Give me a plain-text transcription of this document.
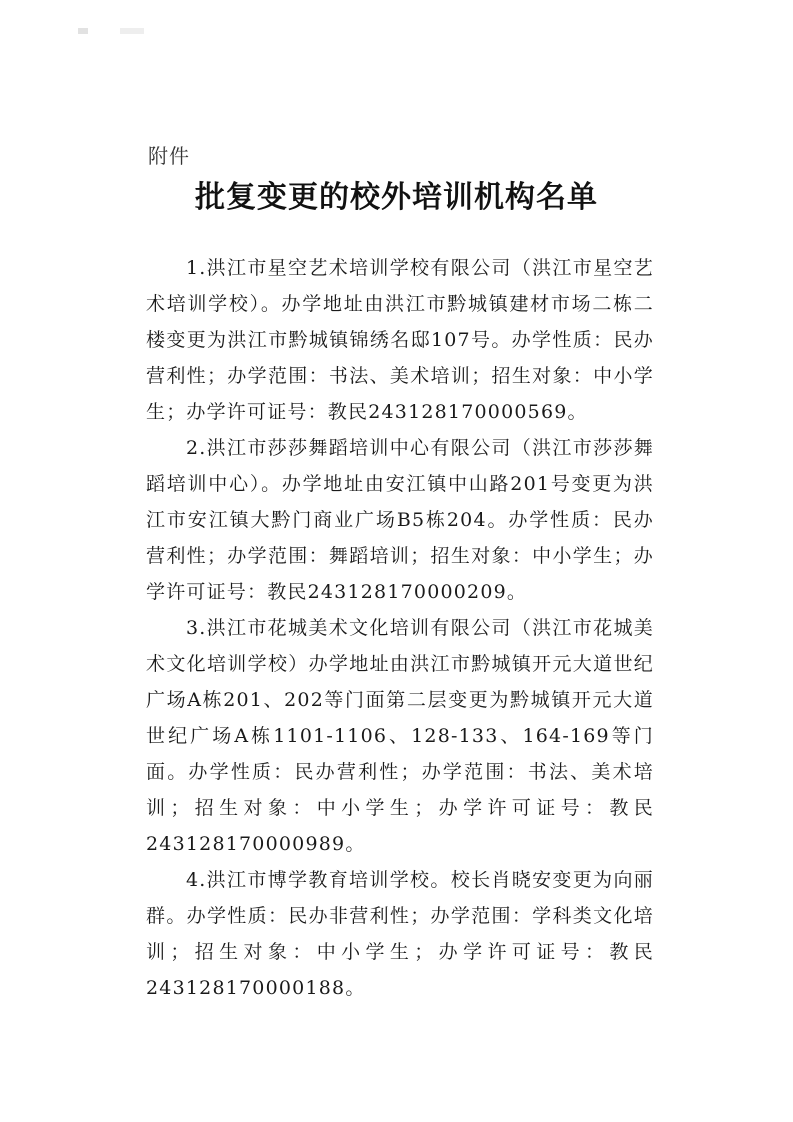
附件
批复变更的校外培训机构名单

1.洪江市星空艺术培训学校有限公司（洪江市星空艺术培训学校）。办学地址由洪江市黔城镇建材市场二栋二楼变更为洪江市黔城镇锦绣名邸107号。办学性质：民办营利性；办学范围：书法、美术培训；招生对象：中小学生；办学许可证号：教民243128170000569。

2.洪江市莎莎舞蹈培训中心有限公司（洪江市莎莎舞蹈培训中心）。办学地址由安江镇中山路201号变更为洪江市安江镇大黔门商业广场B5栋204。办学性质：民办营利性；办学范围：舞蹈培训；招生对象：中小学生；办学许可证号：教民243128170000209。

3.洪江市花城美术文化培训有限公司（洪江市花城美术文化培训学校）办学地址由洪江市黔城镇开元大道世纪广场A栋201、202等门面第二层变更为黔城镇开元大道世纪广场A栋1101-1106、128-133、164-169等门面。办学性质：民办营利性；办学范围：书法、美术培训；招生对象：中小学生；办学许可证号：教民243128170000989。

4.洪江市博学教育培训学校。校长肖晓安变更为向丽群。办学性质：民办非营利性；办学范围：学科类文化培训；招生对象：中小学生；办学许可证号：教民243128170000188。
